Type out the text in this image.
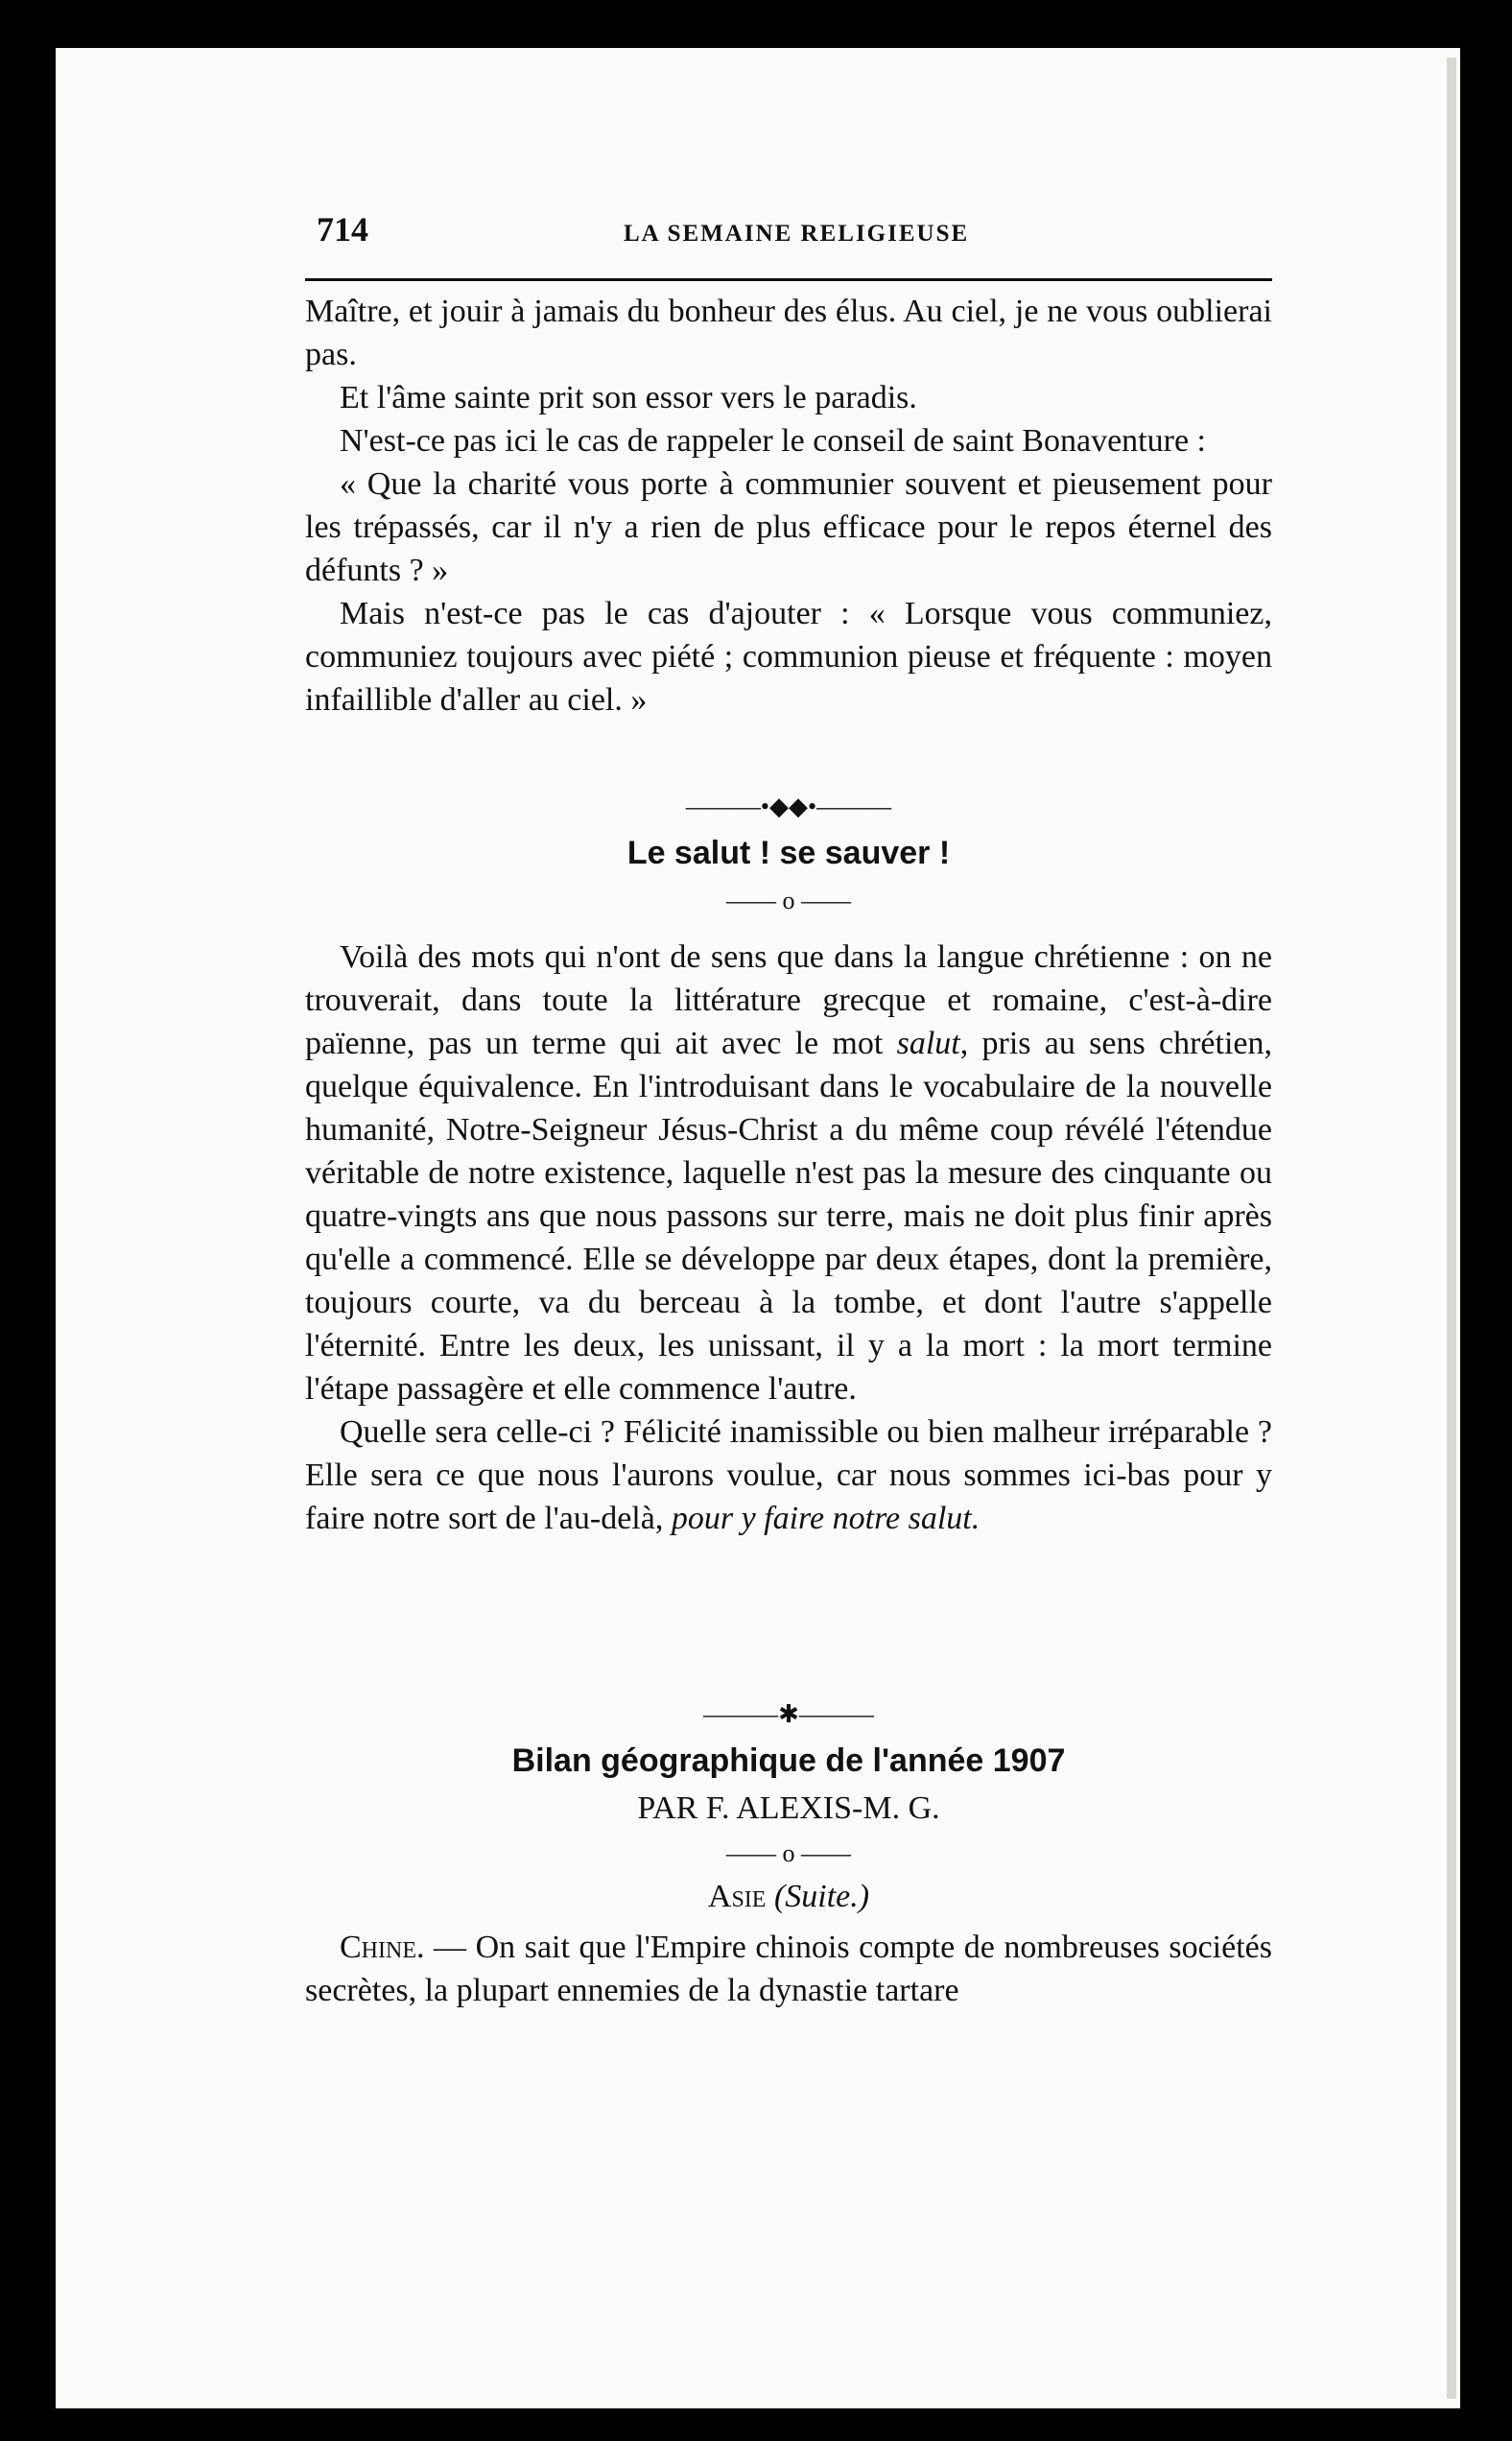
714	LA SEMAINE RELIGIEUSE

Maître, et jouir à jamais du bonheur des élus. Au ciel, je ne vous oublierai pas.

Et l'âme sainte prit son essor vers le paradis.

N'est-ce pas ici le cas de rappeler le conseil de saint Bonaventure :

« Que la charité vous porte à communier souvent et pieusement pour les trépassés, car il n'y a rien de plus efficace pour le repos éternel des défunts ? »

Mais n'est-ce pas le cas d'ajouter : « Lorsque vous communiez, communiez toujours avec piété ; communion pieuse et fréquente : moyen infaillible d'aller au ciel. »

———•◆◆•———

Le salut ! se sauver !

—— o ——

Voilà des mots qui n'ont de sens que dans la langue chrétienne : on ne trouverait, dans toute la littérature grecque et romaine, c'est-à-dire païenne, pas un terme qui ait avec le mot salut, pris au sens chrétien, quelque équivalence. En l'introduisant dans le vocabulaire de la nouvelle humanité, Notre-Seigneur Jésus-Christ a du même coup révélé l'étendue véritable de notre existence, laquelle n'est pas la mesure des cinquante ou quatre-vingts ans que nous passons sur terre, mais ne doit plus finir après qu'elle a commencé. Elle se développe par deux étapes, dont la première, toujours courte, va du berceau à la tombe, et dont l'autre s'appelle l'éternité. Entre les deux, les unissant, il y a la mort : la mort termine l'étape passagère et elle commence l'autre.

Quelle sera celle-ci ? Félicité inamissible ou bien malheur irréparable ? Elle sera ce que nous l'aurons voulue, car nous sommes ici-bas pour y faire notre sort de l'au-delà, pour y faire notre salut.

———✱———

Bilan géographique de l'année 1907

PAR F. ALEXIS-M. G.

—— o ——

Asie (Suite.)

Chine. — On sait que l'Empire chinois compte de nombreuses sociétés secrètes, la plupart ennemies de la dynastie tartare
